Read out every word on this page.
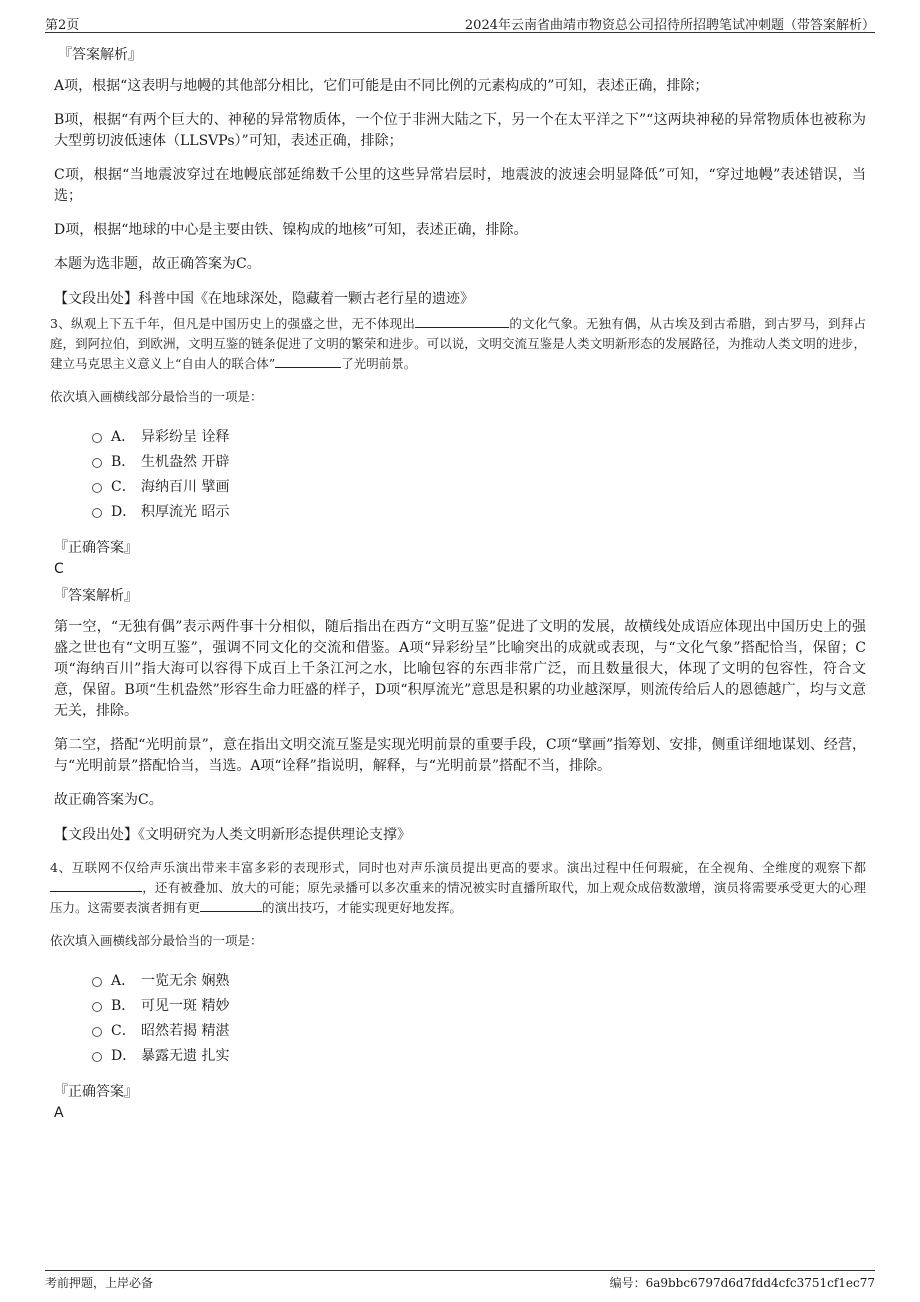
第2页	2024年云南省曲靖市物资总公司招待所招聘笔试冲刺题（带答案解析）
『答案解析』

A项，根据“这表明与地幔的其他部分相比，它们可能是由不同比例的元素构成的”可知，表述正确，排除；

B项，根据“有两个巨大的、神秘的异常物质体，一个位于非洲大陆之下，另一个在太平洋之下”“这两块神秘的异常物质体也被称为大型剪切波低速体（LLSVPs）”可知，表述正确，排除；

C项，根据“当地震波穿过在地幔底部延绵数千公里的这些异常岩层时，地震波的波速会明显降低”可知，“穿过地幔”表述错误，当选；

D项，根据“地球的中心是主要由铁、镍构成的地核”可知，表述正确，排除。

本题为选非题，故正确答案为C。

【文段出处】科普中国《在地球深处，隐藏着一颗古老行星的遗迹》

3、纵观上下五千年，但凡是中国历史上的强盛之世，无不体现出	的文化气象。无独有偶，从古埃及到古希腊，到古罗马，到拜占庭，到阿拉伯，到欧洲，文明互鉴的链条促进了文明的繁荣和进步。可以说，文明交流互鉴是人类文明新形态的发展路径，为推动人类文明的进步，建立马克思主义意义上“自由人的联合体”	了光明前景。

依次填入画横线部分最恰当的一项是：
A． 异彩纷呈 诠释
B． 生机盎然 开辟
C． 海纳百川 擘画
D． 积厚流光 昭示
『正确答案』
C
『答案解析』

第一空，“无独有偶”表示两件事十分相似，随后指出在西方“文明互鉴”促进了文明的发展，故横线处成语应体现出中国历史上的强盛之世也有“文明互鉴”，强调不同文化的交流和借鉴。A项“异彩纷呈”比喻突出的成就或表现，与“文化气象”搭配恰当，保留；C项“海纳百川”指大海可以容得下成百上千条江河之水，比喻包容的东西非常广泛，而且数量很大，体现了文明的包容性，符合文意，保留。B项“生机盎然”形容生命力旺盛的样子，D项“积厚流光”意思是积累的功业越深厚，则流传给后人的恩德越广，均与文意无关，排除。

第二空，搭配“光明前景”，意在指出文明交流互鉴是实现光明前景的重要手段，C项“擘画”指筹划、安排，侧重详细地谋划、经营，与“光明前景”搭配恰当，当选。A项“诠释”指说明，解释，与“光明前景”搭配不当，排除。

故正确答案为C。

【文段出处】《文明研究为人类文明新形态提供理论支撑》

4、互联网不仅给声乐演出带来丰富多彩的表现形式，同时也对声乐演员提出更高的要求。演出过程中任何瑕疵，在全视角、全维度的观察下都，还有被叠加、放大的可能；原先录播可以多次重来的情况被实时直播所取代，加上观众成倍数激增，演员将需要承受更大的心理压力。这需要表演者拥有更	的演出技巧，才能实现更好地发挥。

依次填入画横线部分最恰当的一项是：
A． 一览无余 娴熟
B． 可见一斑 精妙
C． 昭然若揭 精湛
D． 暴露无遗 扎实
『正确答案』
A
考前押题，上岸必备	编号：6a9bbc6797d6d7fdd4cfc3751cf1ec77
